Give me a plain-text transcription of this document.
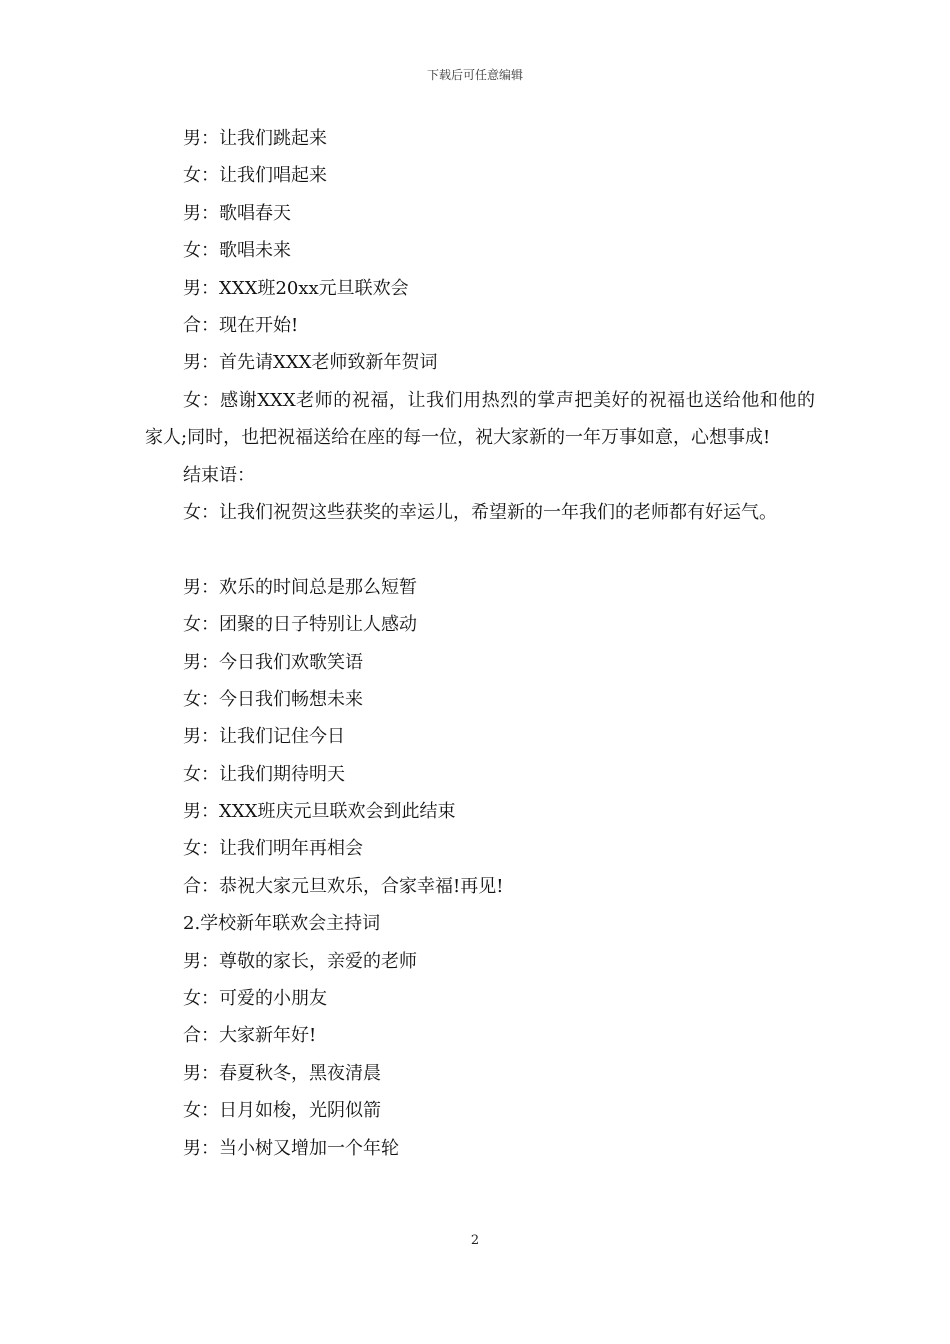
下载后可任意编辑
男：让我们跳起来
女：让我们唱起来
男：歌唱春天
女：歌唱未来
男：XXX班20xx元旦联欢会
合：现在开始!
男：首先请XXX老师致新年贺词
女：感谢XXX老师的祝福，让我们用热烈的掌声把美好的祝福也送给他和他的家人;同时，也把祝福送给在座的每一位，祝大家新的一年万事如意，心想事成!
结束语：
女：让我们祝贺这些获奖的幸运儿，希望新的一年我们的老师都有好运气。
男：欢乐的时间总是那么短暂
女：团聚的日子特别让人感动
男：今日我们欢歌笑语
女：今日我们畅想未来
男：让我们记住今日
女：让我们期待明天
男：XXX班庆元旦联欢会到此结束
女：让我们明年再相会
合：恭祝大家元旦欢乐，合家幸福!再见!
2.学校新年联欢会主持词
男：尊敬的家长，亲爱的老师
女：可爱的小朋友
合：大家新年好!
男：春夏秋冬，黑夜清晨
女：日月如梭，光阴似箭
男：当小树又增加一个年轮
2
